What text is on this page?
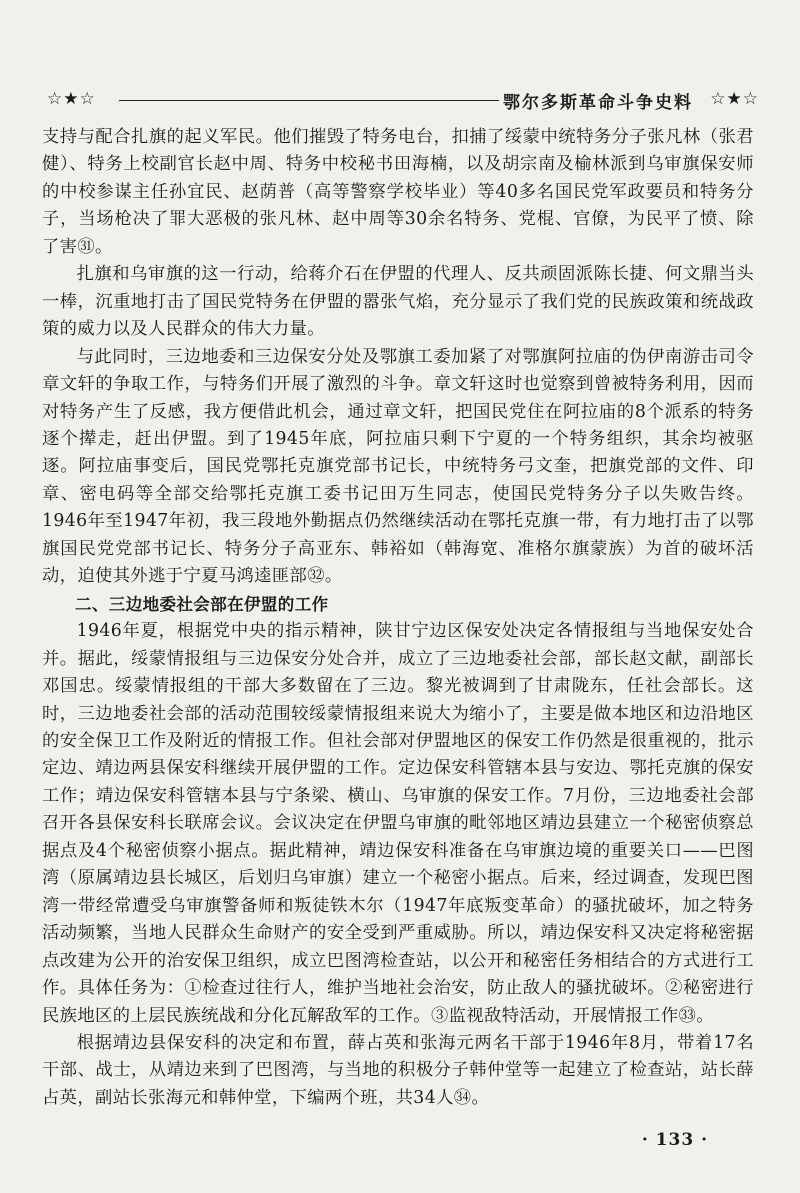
☆★☆	鄂尔多斯革命斗争史料 ☆★☆

支持与配合扎旗的起义军民。他们摧毁了特务电台，扣捕了绥蒙中统特务分子张凡林（张君健）、特务上校副官长赵中周、特务中校秘书田海楠，以及胡宗南及榆林派到乌审旗保安师的中校参谋主任孙宜民、赵荫普（高等警察学校毕业）等40多名国民党军政要员和特务分子，当场枪决了罪大恶极的张凡林、赵中周等30余名特务、党棍、官僚，为民平了愤、除了害㉛。

扎旗和乌审旗的这一行动，给蒋介石在伊盟的代理人、反共顽固派陈长捷、何文鼎当头一棒，沉重地打击了国民党特务在伊盟的嚣张气焰，充分显示了我们党的民族政策和统战政策的威力以及人民群众的伟大力量。

与此同时，三边地委和三边保安分处及鄂旗工委加紧了对鄂旗阿拉庙的伪伊南游击司令章文轩的争取工作，与特务们开展了激烈的斗争。章文轩这时也觉察到曾被特务利用，因而对特务产生了反感，我方便借此机会，通过章文轩，把国民党住在阿拉庙的8个派系的特务逐个撵走，赶出伊盟。到了1945年底，阿拉庙只剩下宁夏的一个特务组织，其余均被驱逐。阿拉庙事变后，国民党鄂托克旗党部书记长，中统特务弓文奎，把旗党部的文件、印章、密电码等全部交给鄂托克旗工委书记田万生同志，使国民党特务分子以失败告终。1946年至1947年初，我三段地外勤据点仍然继续活动在鄂托克旗一带，有力地打击了以鄂旗国民党党部书记长、特务分子高亚东、韩裕如（韩海宽、准格尔旗蒙族）为首的破坏活动，迫使其外逃于宁夏马鸿逵匪部㉜。

二、三边地委社会部在伊盟的工作

1946年夏，根据党中央的指示精神，陕甘宁边区保安处决定各情报组与当地保安处合并。据此，绥蒙情报组与三边保安分处合并，成立了三边地委社会部，部长赵文献，副部长邓国忠。绥蒙情报组的干部大多数留在了三边。黎光被调到了甘肃陇东，任社会部长。这时，三边地委社会部的活动范围较绥蒙情报组来说大为缩小了，主要是做本地区和边沿地区的安全保卫工作及附近的情报工作。但社会部对伊盟地区的保安工作仍然是很重视的，批示定边、靖边两县保安科继续开展伊盟的工作。定边保安科管辖本县与安边、鄂托克旗的保安工作；靖边保安科管辖本县与宁条梁、横山、乌审旗的保安工作。7月份，三边地委社会部召开各县保安科长联席会议。会议决定在伊盟乌审旗的毗邻地区靖边县建立一个秘密侦察总据点及4个秘密侦察小据点。据此精神，靖边保安科准备在乌审旗边境的重要关口——巴图湾（原属靖边县长城区，后划归乌审旗）建立一个秘密小据点。后来，经过调查，发现巴图湾一带经常遭受乌审旗警备师和叛徒铁木尔（1947年底叛变革命）的骚扰破坏，加之特务活动频繁，当地人民群众生命财产的安全受到严重威胁。所以，靖边保安科又决定将秘密据点改建为公开的治安保卫组织，成立巴图湾检查站，以公开和秘密任务相结合的方式进行工作。具体任务为：①检查过往行人，维护当地社会治安，防止敌人的骚扰破坏。②秘密进行民族地区的上层民族统战和分化瓦解敌军的工作。③监视敌特活动，开展情报工作㉝。

根据靖边县保安科的决定和布置，薛占英和张海元两名干部于1946年8月，带着17名干部、战士，从靖边来到了巴图湾，与当地的积极分子韩仲堂等一起建立了检查站，站长薛占英，副站长张海元和韩仲堂，下编两个班，共34人㉞。

· 133 ·
